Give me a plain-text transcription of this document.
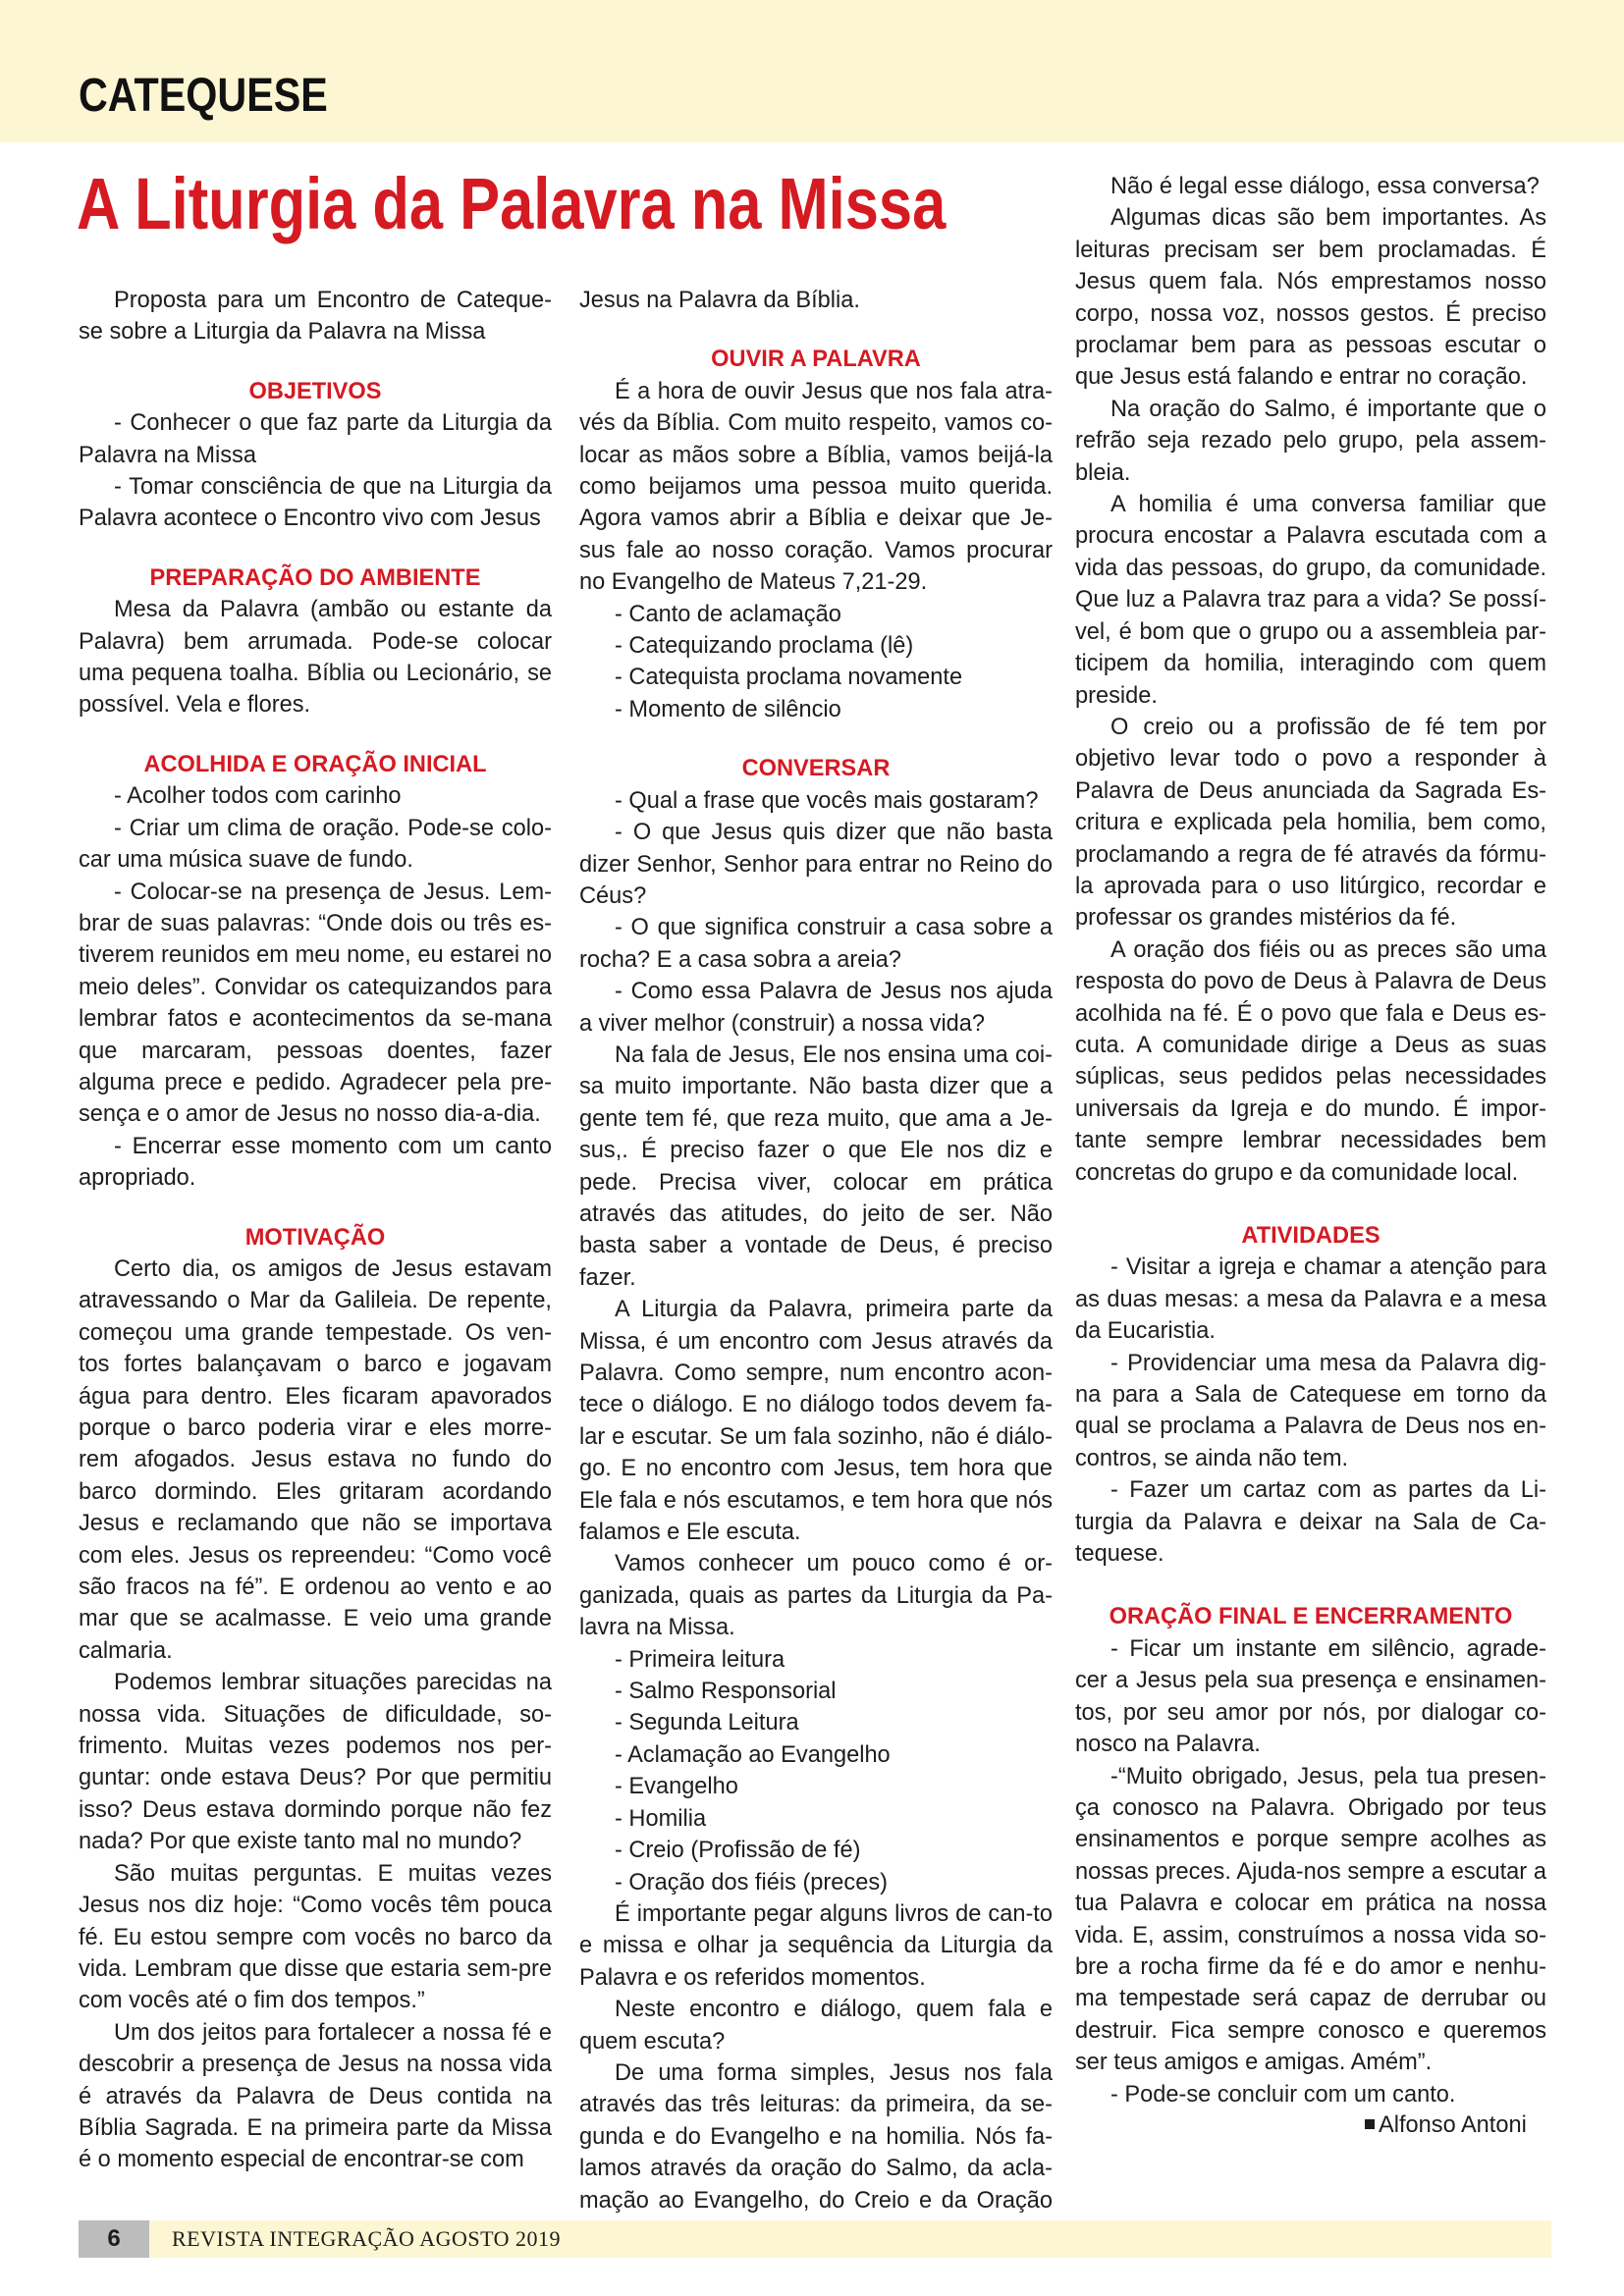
CATEQUESE
A Liturgia da Palavra na Missa

Proposta para um Encontro de Cateque-se sobre a Liturgia da Palavra na Missa

OBJETIVOS

- Conhecer o que faz parte da Liturgia da Palavra na Missa

- Tomar consciência de que na Liturgia da Palavra acontece o Encontro vivo com Jesus

PREPARAÇÃO DO AMBIENTE

Mesa da Palavra (ambão ou estante da Palavra) bem arrumada. Pode-se colocar uma pequena toalha. Bíblia ou Lecionário, se possível. Vela e flores.

ACOLHIDA E ORAÇÃO INICIAL

- Acolher todos com carinho

- Criar um clima de oração. Pode-se colo-car uma música suave de fundo.

- Colocar-se na presença de Jesus. Lem-brar de suas palavras: “Onde dois ou três es-tiverem reunidos em meu nome, eu estarei no meio deles”. Convidar os catequizandos para lembrar fatos e acontecimentos da se-mana que marcaram, pessoas doentes, fazer alguma prece e pedido. Agradecer pela pre-sença e o amor de Jesus no nosso dia-a-dia.

- Encerrar esse momento com um canto apropriado.

MOTIVAÇÃO

Certo dia, os amigos de Jesus estavam atravessando o Mar da Galileia. De repente, começou uma grande tempestade. Os ven-tos fortes balançavam o barco e jogavam água para dentro. Eles ficaram apavorados porque o barco poderia virar e eles morre-rem afogados. Jesus estava no fundo do barco dormindo. Eles gritaram acordando Jesus e reclamando que não se importava com eles. Jesus os repreendeu: “Como você são fracos na fé”. E ordenou ao vento e ao mar que se acalmasse. E veio uma grande calmaria.

Podemos lembrar situações parecidas na nossa vida. Situações de dificuldade, so-frimento. Muitas vezes podemos nos per-guntar: onde estava Deus? Por que permitiu isso? Deus estava dormindo porque não fez nada? Por que existe tanto mal no mundo?

São muitas perguntas. E muitas vezes Jesus nos diz hoje: “Como vocês têm pouca fé. Eu estou sempre com vocês no barco da vida. Lembram que disse que estaria sem-pre com vocês até o fim dos tempos.”

Um dos jeitos para fortalecer a nossa fé e descobrir a presença de Jesus na nossa vida é através da Palavra de Deus contida na Bíblia Sagrada. E na primeira parte da Missa é o momento especial de encontrar-se com

Jesus na Palavra da Bíblia.

OUVIR A PALAVRA

É a hora de ouvir Jesus que nos fala atra-vés da Bíblia. Com muito respeito, vamos co-locar as mãos sobre a Bíblia, vamos beijá-la como beijamos uma pessoa muito querida. Agora vamos abrir a Bíblia e deixar que Je-sus fale ao nosso coração. Vamos procurar no Evangelho de Mateus 7,21-29.

- Canto de aclamação

- Catequizando proclama (lê)

- Catequista proclama novamente

- Momento de silêncio

CONVERSAR

- Qual a frase que vocês mais gostaram?

- O que Jesus quis dizer que não basta dizer Senhor, Senhor para entrar no Reino do Céus?

- O que significa construir a casa sobre a rocha? E a casa sobra a areia?

- Como essa Palavra de Jesus nos ajuda a viver melhor (construir) a nossa vida?

Na fala de Jesus, Ele nos ensina uma coi-sa muito importante. Não basta dizer que a gente tem fé, que reza muito, que ama a Je-sus,. É preciso fazer o que Ele nos diz e pede. Precisa viver, colocar em prática através das atitudes, do jeito de ser. Não basta saber a vontade de Deus, é preciso fazer.

A Liturgia da Palavra, primeira parte da Missa, é um encontro com Jesus através da Palavra. Como sempre, num encontro acon-tece o diálogo. E no diálogo todos devem fa-lar e escutar. Se um fala sozinho, não é diálo-go. E no encontro com Jesus, tem hora que Ele fala e nós escutamos, e tem hora que nós falamos e Ele escuta.

Vamos conhecer um pouco como é or-ganizada, quais as partes da Liturgia da Pa-lavra na Missa.

- Primeira leitura

- Salmo Responsorial

- Segunda Leitura

- Aclamação ao Evangelho

- Evangelho

- Homilia

- Creio (Profissão de fé)

- Oração dos fiéis (preces)

É importante pegar alguns livros de can-to e missa e olhar ja sequência da Liturgia da Palavra e os referidos momentos.

Neste encontro e diálogo, quem fala e quem escuta?

De uma forma simples, Jesus nos fala através das três leituras: da primeira, da se-gunda e do Evangelho e na homilia. Nós fa-lamos através da oração do Salmo, da acla-mação ao Evangelho, do Creio e da Oração

Não é legal esse diálogo, essa conversa?

Algumas dicas são bem importantes. As leituras precisam ser bem proclamadas. É Jesus quem fala. Nós emprestamos nosso corpo, nossa voz, nossos gestos. É preciso proclamar bem para as pessoas escutar o que Jesus está falando e entrar no coração.

Na oração do Salmo, é importante que o refrão seja rezado pelo grupo, pela assem-bleia.

A homilia é uma conversa familiar que procura encostar a Palavra escutada com a vida das pessoas, do grupo, da comunidade. Que luz a Palavra traz para a vida? Se possí-vel, é bom que o grupo ou a assembleia par-ticipem da homilia, interagindo com quem preside.

O creio ou a profissão de fé tem por objetivo levar todo o povo a responder à Palavra de Deus anunciada da Sagrada Es-critura e explicada pela homilia, bem como, proclamando a regra de fé através da fórmu-la aprovada para o uso litúrgico, recordar e professar os grandes mistérios da fé.

A oração dos fiéis ou as preces são uma resposta do povo de Deus à Palavra de Deus acolhida na fé. É o povo que fala e Deus es-cuta. A comunidade dirige a Deus as suas súplicas, seus pedidos pelas necessidades universais da Igreja e do mundo. É impor-tante sempre lembrar necessidades bem concretas do grupo e da comunidade local.

ATIVIDADES

- Visitar a igreja e chamar a atenção para as duas mesas: a mesa da Palavra e a mesa da Eucaristia.

- Providenciar uma mesa da Palavra dig-na para a Sala de Catequese em torno da qual se proclama a Palavra de Deus nos en-contros, se ainda não tem.

- Fazer um cartaz com as partes da Li-turgia da Palavra e deixar na Sala de Ca-tequese.

ORAÇÃO FINAL E ENCERRAMENTO

- Ficar um instante em silêncio, agrade-cer a Jesus pela sua presença e ensinamen-tos, por seu amor por nós, por dialogar co-nosco na Palavra.

-“Muito obrigado, Jesus, pela tua presen-ça conosco na Palavra. Obrigado por teus ensinamentos e porque sempre acolhes as nossas preces. Ajuda-nos sempre a escutar a tua Palavra e colocar em prática na nossa vida. E, assim, construímos a nossa vida so-bre a rocha firme da fé e do amor e nenhu-ma tempestade será capaz de derrubar ou destruir. Fica sempre conosco e queremos ser teus amigos e amigas. Amém”.

- Pode-se concluir com um canto.

Alfonso Antoni
6	REVISTA INTEGRAÇÃO AGOSTO 2019
